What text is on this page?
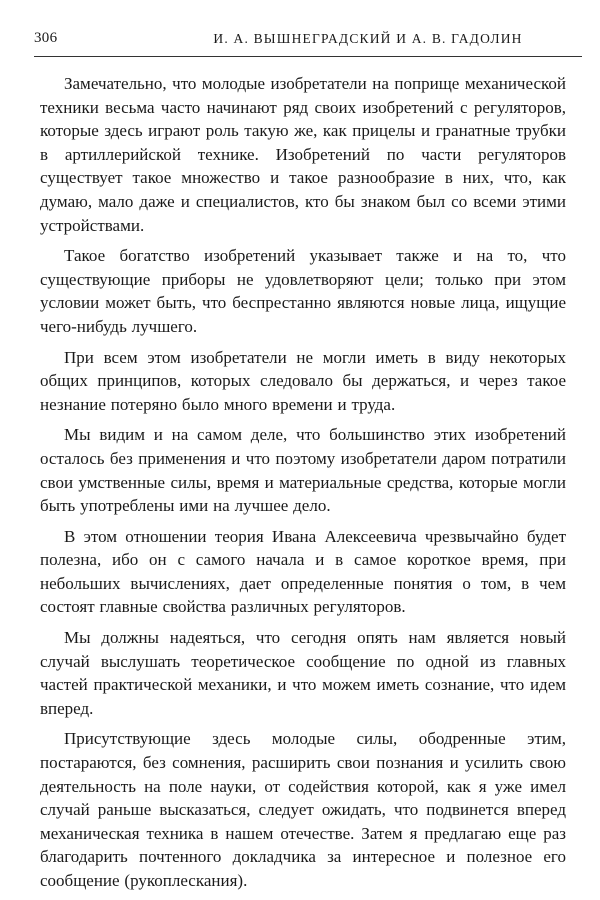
306	И. А. ВЫШНЕГРАДСКИЙ И А. В. ГАДОЛИН

Замечательно, что молодые изобретатели на поприще механической техники весьма часто начинают ряд своих изобретений с регуляторов, которые здесь играют роль такую же, как прицелы и гранатные трубки в артиллерийской технике. Изобретений по части регуляторов существует такое множество и такое разнообразие в них, что, как думаю, мало даже и специалистов, кто бы знаком был со всеми этими устройствами.

Такое богатство изобретений указывает также и на то, что существующие приборы не удовлетворяют цели; только при этом условии может быть, что беспрестанно являются новые лица, ищущие чего-нибудь лучшего.

При всем этом изобретатели не могли иметь в виду некоторых общих принципов, которых следовало бы держаться, и через такое незнание потеряно было много времени и труда.

Мы видим и на самом деле, что большинство этих изобретений осталось без применения и что поэтому изобретатели даром потратили свои умственные силы, время и материальные средства, которые могли быть употреблены ими на лучшее дело.

В этом отношении теория Ивана Алексеевича чрезвычайно будет полезна, ибо он с самого начала и в самое короткое время, при небольших вычислениях, дает определенные понятия о том, в чем состоят главные свойства различных регуляторов.

Мы должны надеяться, что сегодня опять нам является новый случай выслушать теоретическое сообщение по одной из главных частей практической механики, и что можем иметь сознание, что идем вперед.

Присутствующие здесь молодые силы, ободренные этим, постараются, без сомнения, расширить свои познания и усилить свою деятельность на поле науки, от содействия которой, как я уже имел случай раньше высказаться, следует ожидать, что подвинется вперед механическая техника в нашем отечестве. Затем я предлагаю еще раз благодарить почтенного докладчика за интересное и полезное его сообщение (рукоплескания).
